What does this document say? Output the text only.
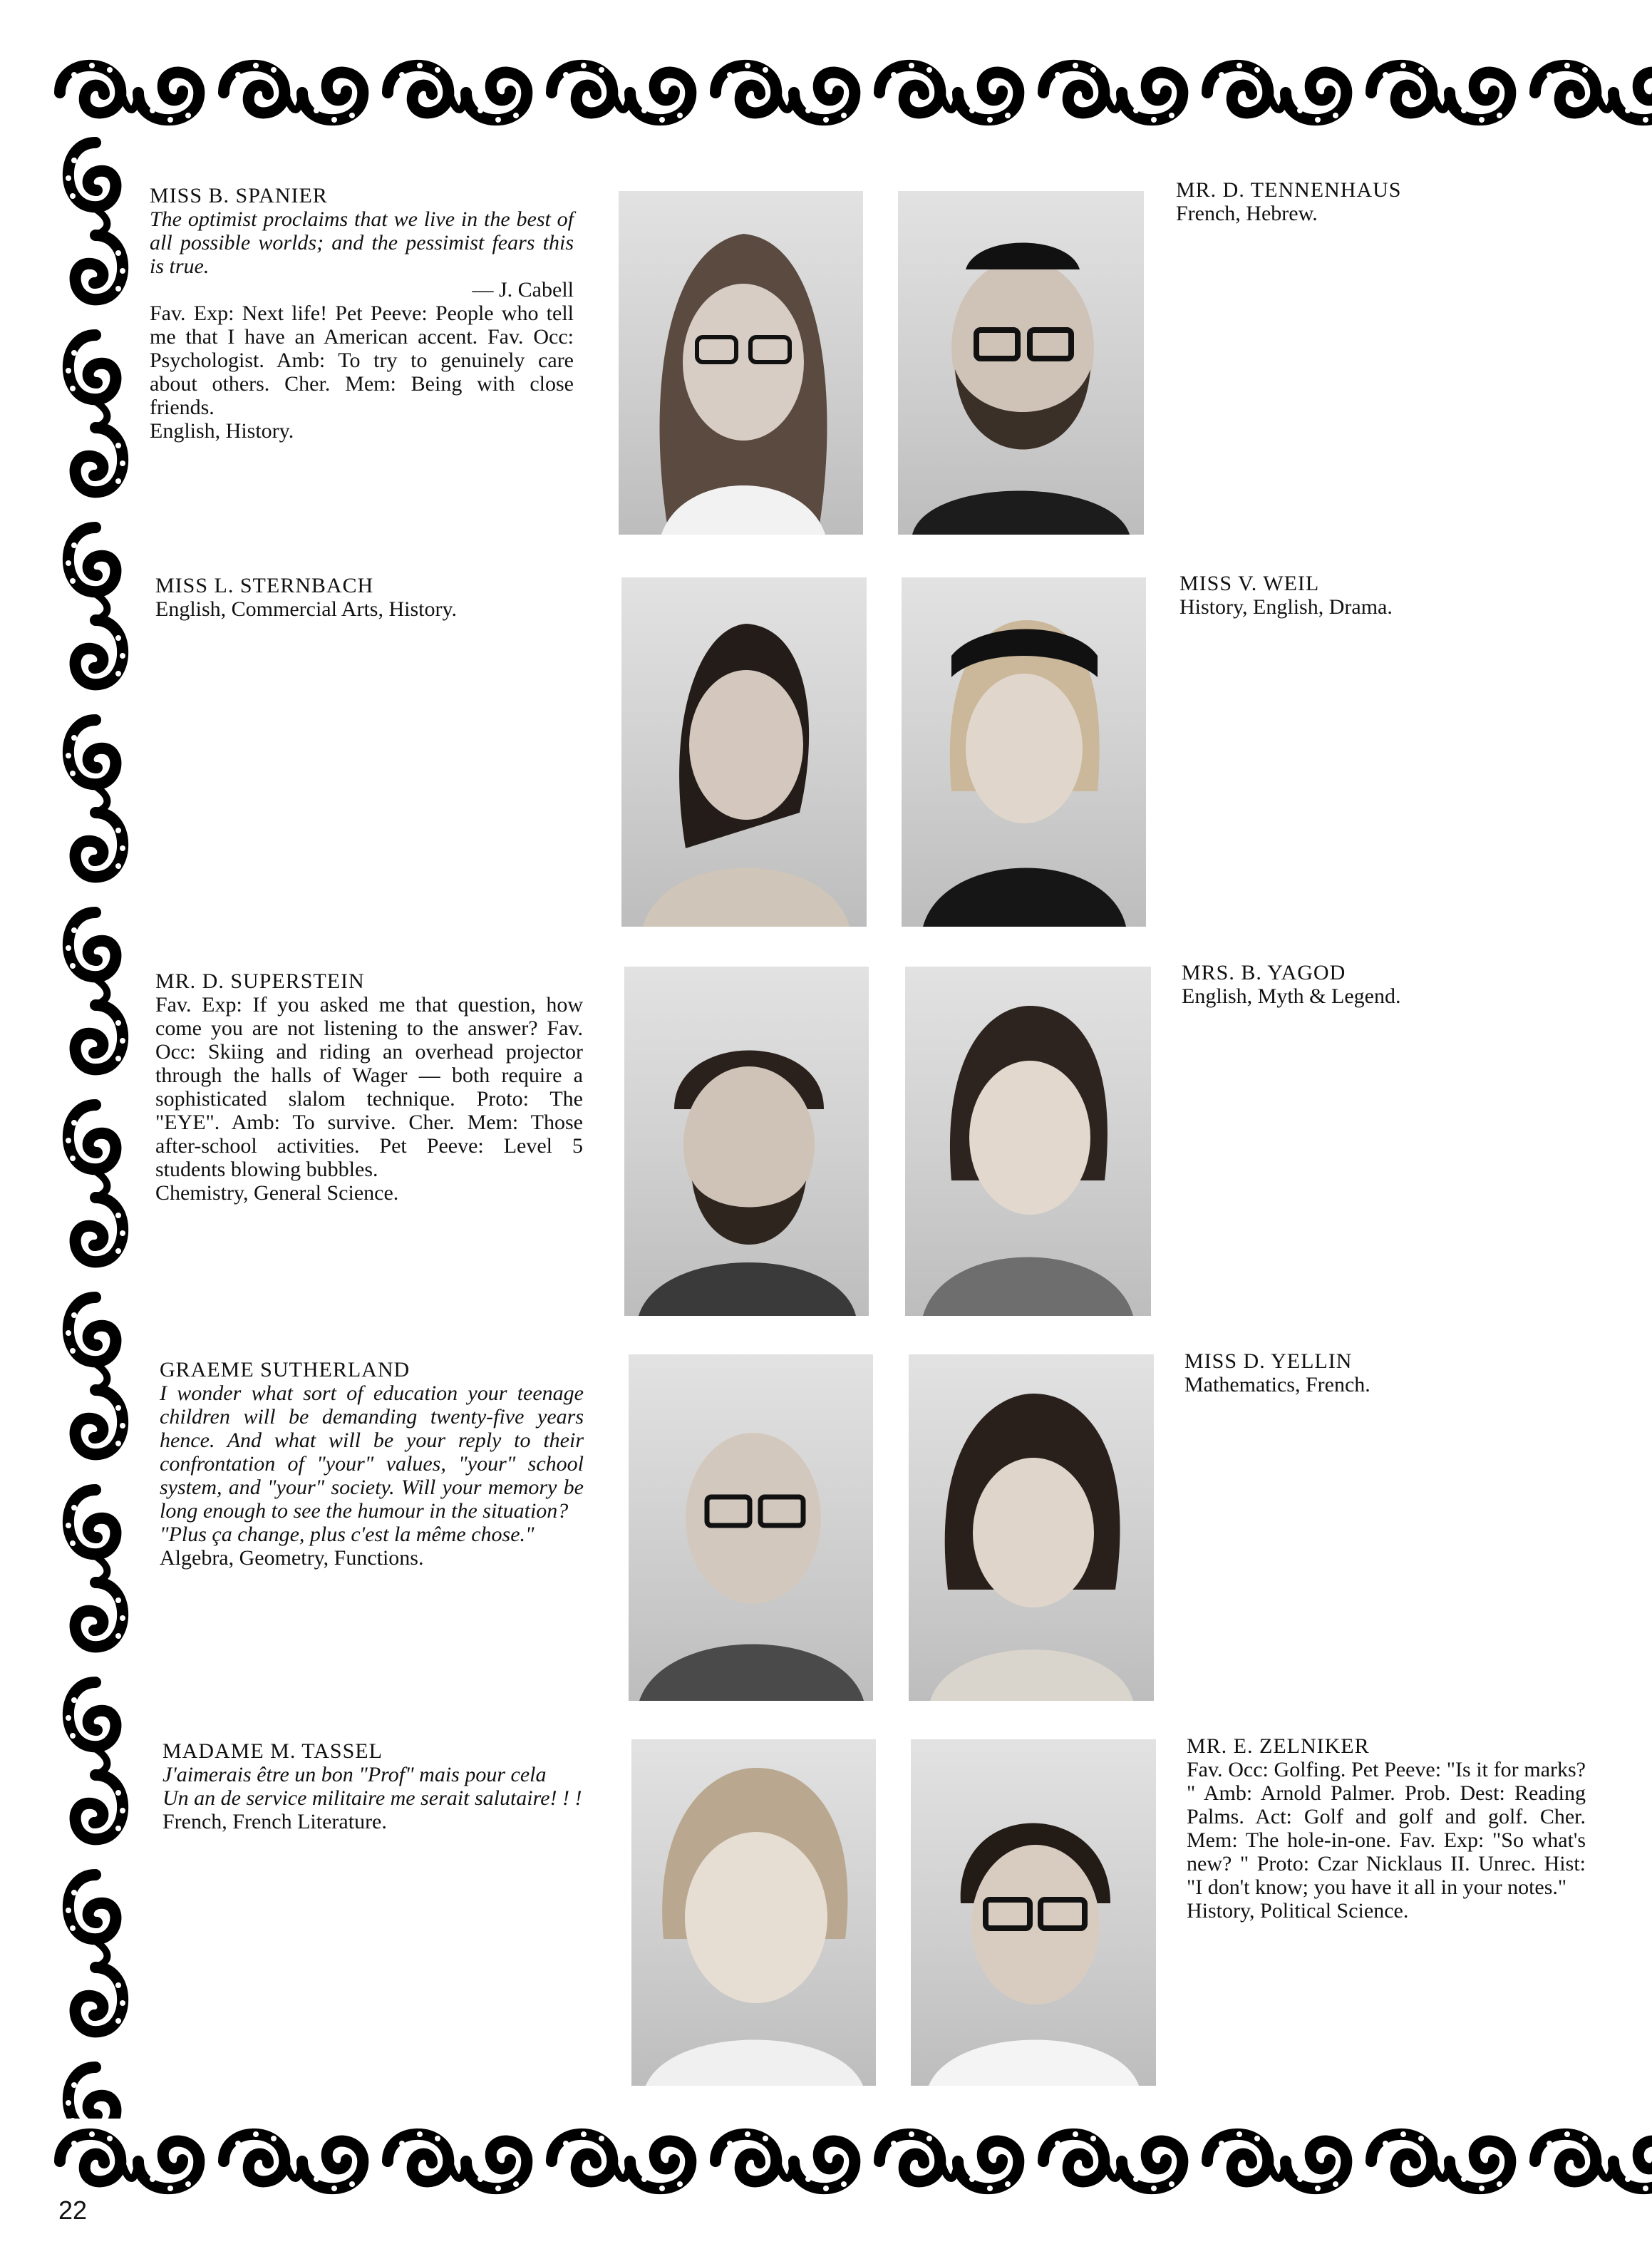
22
MISS B. SPANIER
The optimist proclaims that we live in the best of all possible worlds; and the pessimist fears this is true.
— J. Cabell
Fav. Exp: Next life! Pet Peeve: People who tell me that I have an American accent. Fav. Occ: Psychologist. Amb: To try to genuinely care about others. Cher. Mem: Being with close friends.
English, History.
MR. D. TENNENHAUS
French, Hebrew.
MISS L. STERNBACH
English, Commercial Arts, History.
MISS V. WEIL
History, English, Drama.
MR. D. SUPERSTEIN
Fav. Exp: If you asked me that question, how come you are not listening to the answer? Fav. Occ: Skiing and riding an overhead projector through the halls of Wager — both require a sophisticated slalom technique. Proto: The "EYE". Amb: To survive. Cher. Mem: Those after-school activities. Pet Peeve: Level 5 students blowing bubbles.
Chemistry, General Science.
MRS. B. YAGOD
English, Myth & Legend.
GRAEME SUTHERLAND
I wonder what sort of education your teenage children will be demanding twenty-five years hence. And what will be your reply to their confrontation of "your" values, "your" school system, and "your" society. Will your memory be long enough to see the humour in the situation?
"Plus ça change, plus c'est la même chose."
Algebra, Geometry, Functions.
MISS D. YELLIN
Mathematics, French.
MADAME M. TASSEL
J'aimerais être un bon "Prof" mais pour cela
Un an de service militaire me serait salutaire! ! !
French, French Literature.
MR. E. ZELNIKER
Fav. Occ: Golfing. Pet Peeve: "Is it for marks? " Amb: Arnold Palmer. Prob. Dest: Reading Palms. Act: Golf and golf and golf. Cher. Mem: The hole-in-one. Fav. Exp: "So what's new? " Proto: Czar Nicklaus II. Unrec. Hist: "I don't know; you have it all in your notes."
History, Political Science.
